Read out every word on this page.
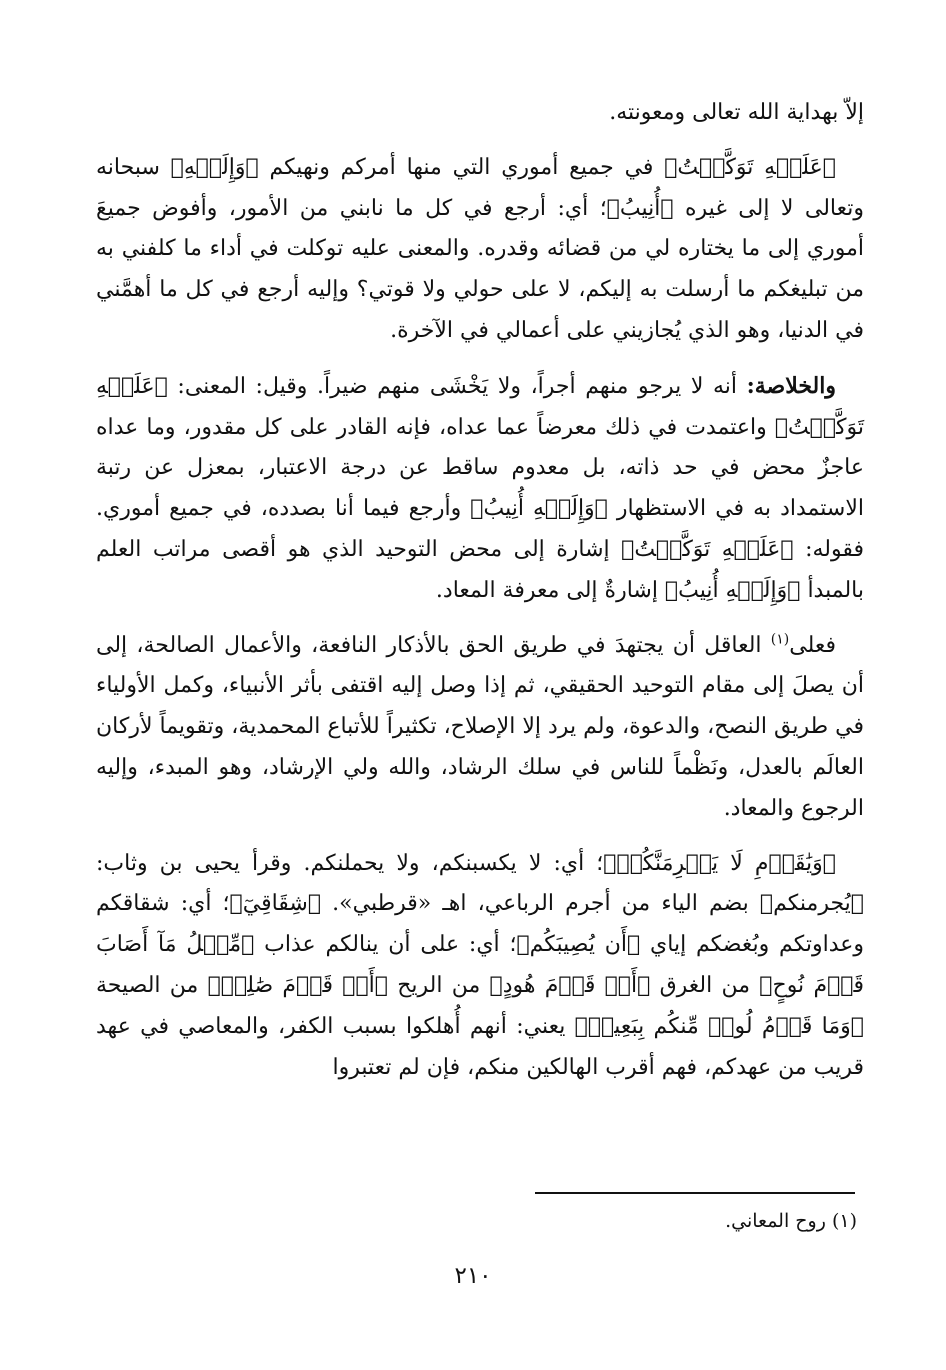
إلاّ بهداية الله تعالى ومعونته.

﴿عَلَيۡهِ تَوَكَّلۡتُ﴾ في جميع أموري التي منها أمركم ونهيكم ﴿وَإِلَيۡهِ﴾ سبحانه وتعالى لا إلى غيره ﴿أُنِيبُ﴾؛ أي: أرجع في كل ما نابني من الأمور، وأفوض جميعَ أموري إلى ما يختاره لي من قضائه وقدره. والمعنى عليه توكلت في أداء ما كلفني به من تبليغكم ما أرسلت به إليكم، لا على حولي ولا قوتي؟ وإليه أرجع في كل ما أهمَّني في الدنيا، وهو الذي يُجازيني على أعمالي في الآخرة.

والخلاصة: أنه لا يرجو منهم أجراً، ولا يَخْشَى منهم ضيراً. وقيل: المعنى: ﴿عَلَيۡهِ تَوَكَّلۡتُ﴾ واعتمدت في ذلك معرضاً عما عداه، فإنه القادر على كل مقدور، وما عداه عاجزٌ محض في حد ذاته، بل معدوم ساقط عن درجة الاعتبار، بمعزل عن رتبة الاستمداد به في الاستظهار ﴿وَإِلَيۡهِ أُنِيبُ﴾ وأرجع فيما أنا بصدده، في جميع أموري. فقوله: ﴿عَلَيۡهِ تَوَكَّلۡتُ﴾ إشارة إلى محض التوحيد الذي هو أقصى مراتب العلم بالمبدأ ﴿وَإِلَيۡهِ أُنِيبُ﴾ إشارةٌ إلى معرفة المعاد.

فعلى$^{(١)}$ العاقل أن يجتهدَ في طريق الحق بالأذكار النافعة، والأعمال الصالحة، إلى أن يصلَ إلى مقام التوحيد الحقيقي، ثم إذا وصل إليه اقتفى بأثر الأنبياء، وكمل الأولياء في طريق النصح، والدعوة، ولم يرد إلا الإصلاح، تكثيراً للأتباع المحمدية، وتقويماً لأركان العالَم بالعدل، ونَظْماً للناس في سلك الرشاد، والله ولي الإرشاد، وهو المبدء، وإليه الرجوع والمعاد.

﴿وَيَٰقَوۡمِ لَا يَجۡرِمَنَّكُمۡ﴾؛ أي: لا يكسبنكم، ولا يحملنكم. وقرأ يحيى بن وثاب: ﴿يُجرمنكم﴾ بضم الياء من أجرم الرباعي، اهـ «قرطبي». ﴿شِقَاقِيٓ﴾؛ أي: شقاقكم وعداوتكم وبُغضكم إياي ﴿أَن يُصِيبَكُم﴾؛ أي: على أن ينالكم عذاب ﴿مِّثۡلُ مَآ أَصَابَ قَوۡمَ نُوحٍ﴾ من الغرق ﴿أَوۡ قَوۡمَ هُودٍ﴾ من الريح ﴿أَوۡ قَوۡمَ صَٰلِحٖ﴾ من الصيحة ﴿وَمَا قَوۡمُ لُوطٖ مِّنكُم بِبَعِيدٖ﴾ يعني: أنهم أُهلكوا بسبب الكفر، والمعاصي في عهد قريب من عهدكم، فهم أقرب الهالكين منكم، فإن لم تعتبروا

(١) روح المعاني.
٢١٠
